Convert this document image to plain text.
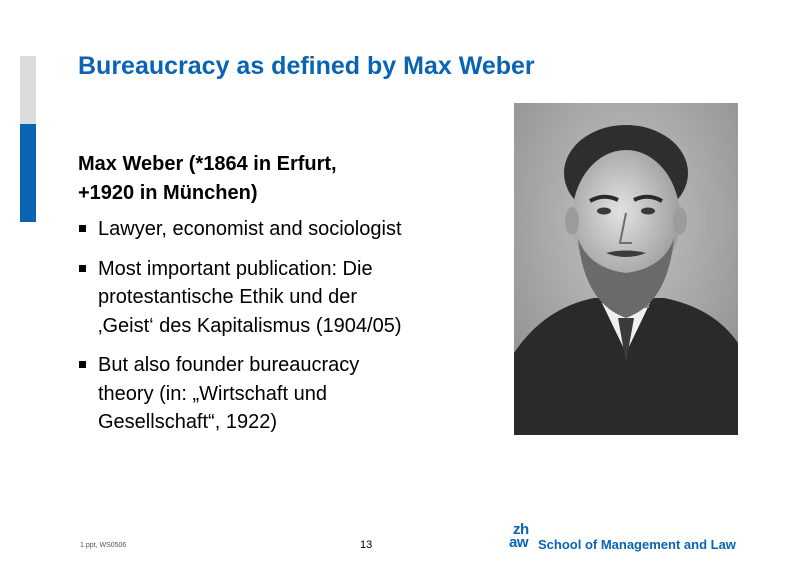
Bureaucracy as defined by Max Weber
Max Weber (*1864 in Erfurt,
+1920 in München)
Lawyer, economist and sociologist
Most important publication: Die protestantische Ethik und der ‚Geist‘ des Kapitalismus (1904/05)
But also founder bureaucracy theory (in: „Wirtschaft und Gesellschaft“, 1922)
1.ppt, WS0506	13
zh
aw School of Management and Law
